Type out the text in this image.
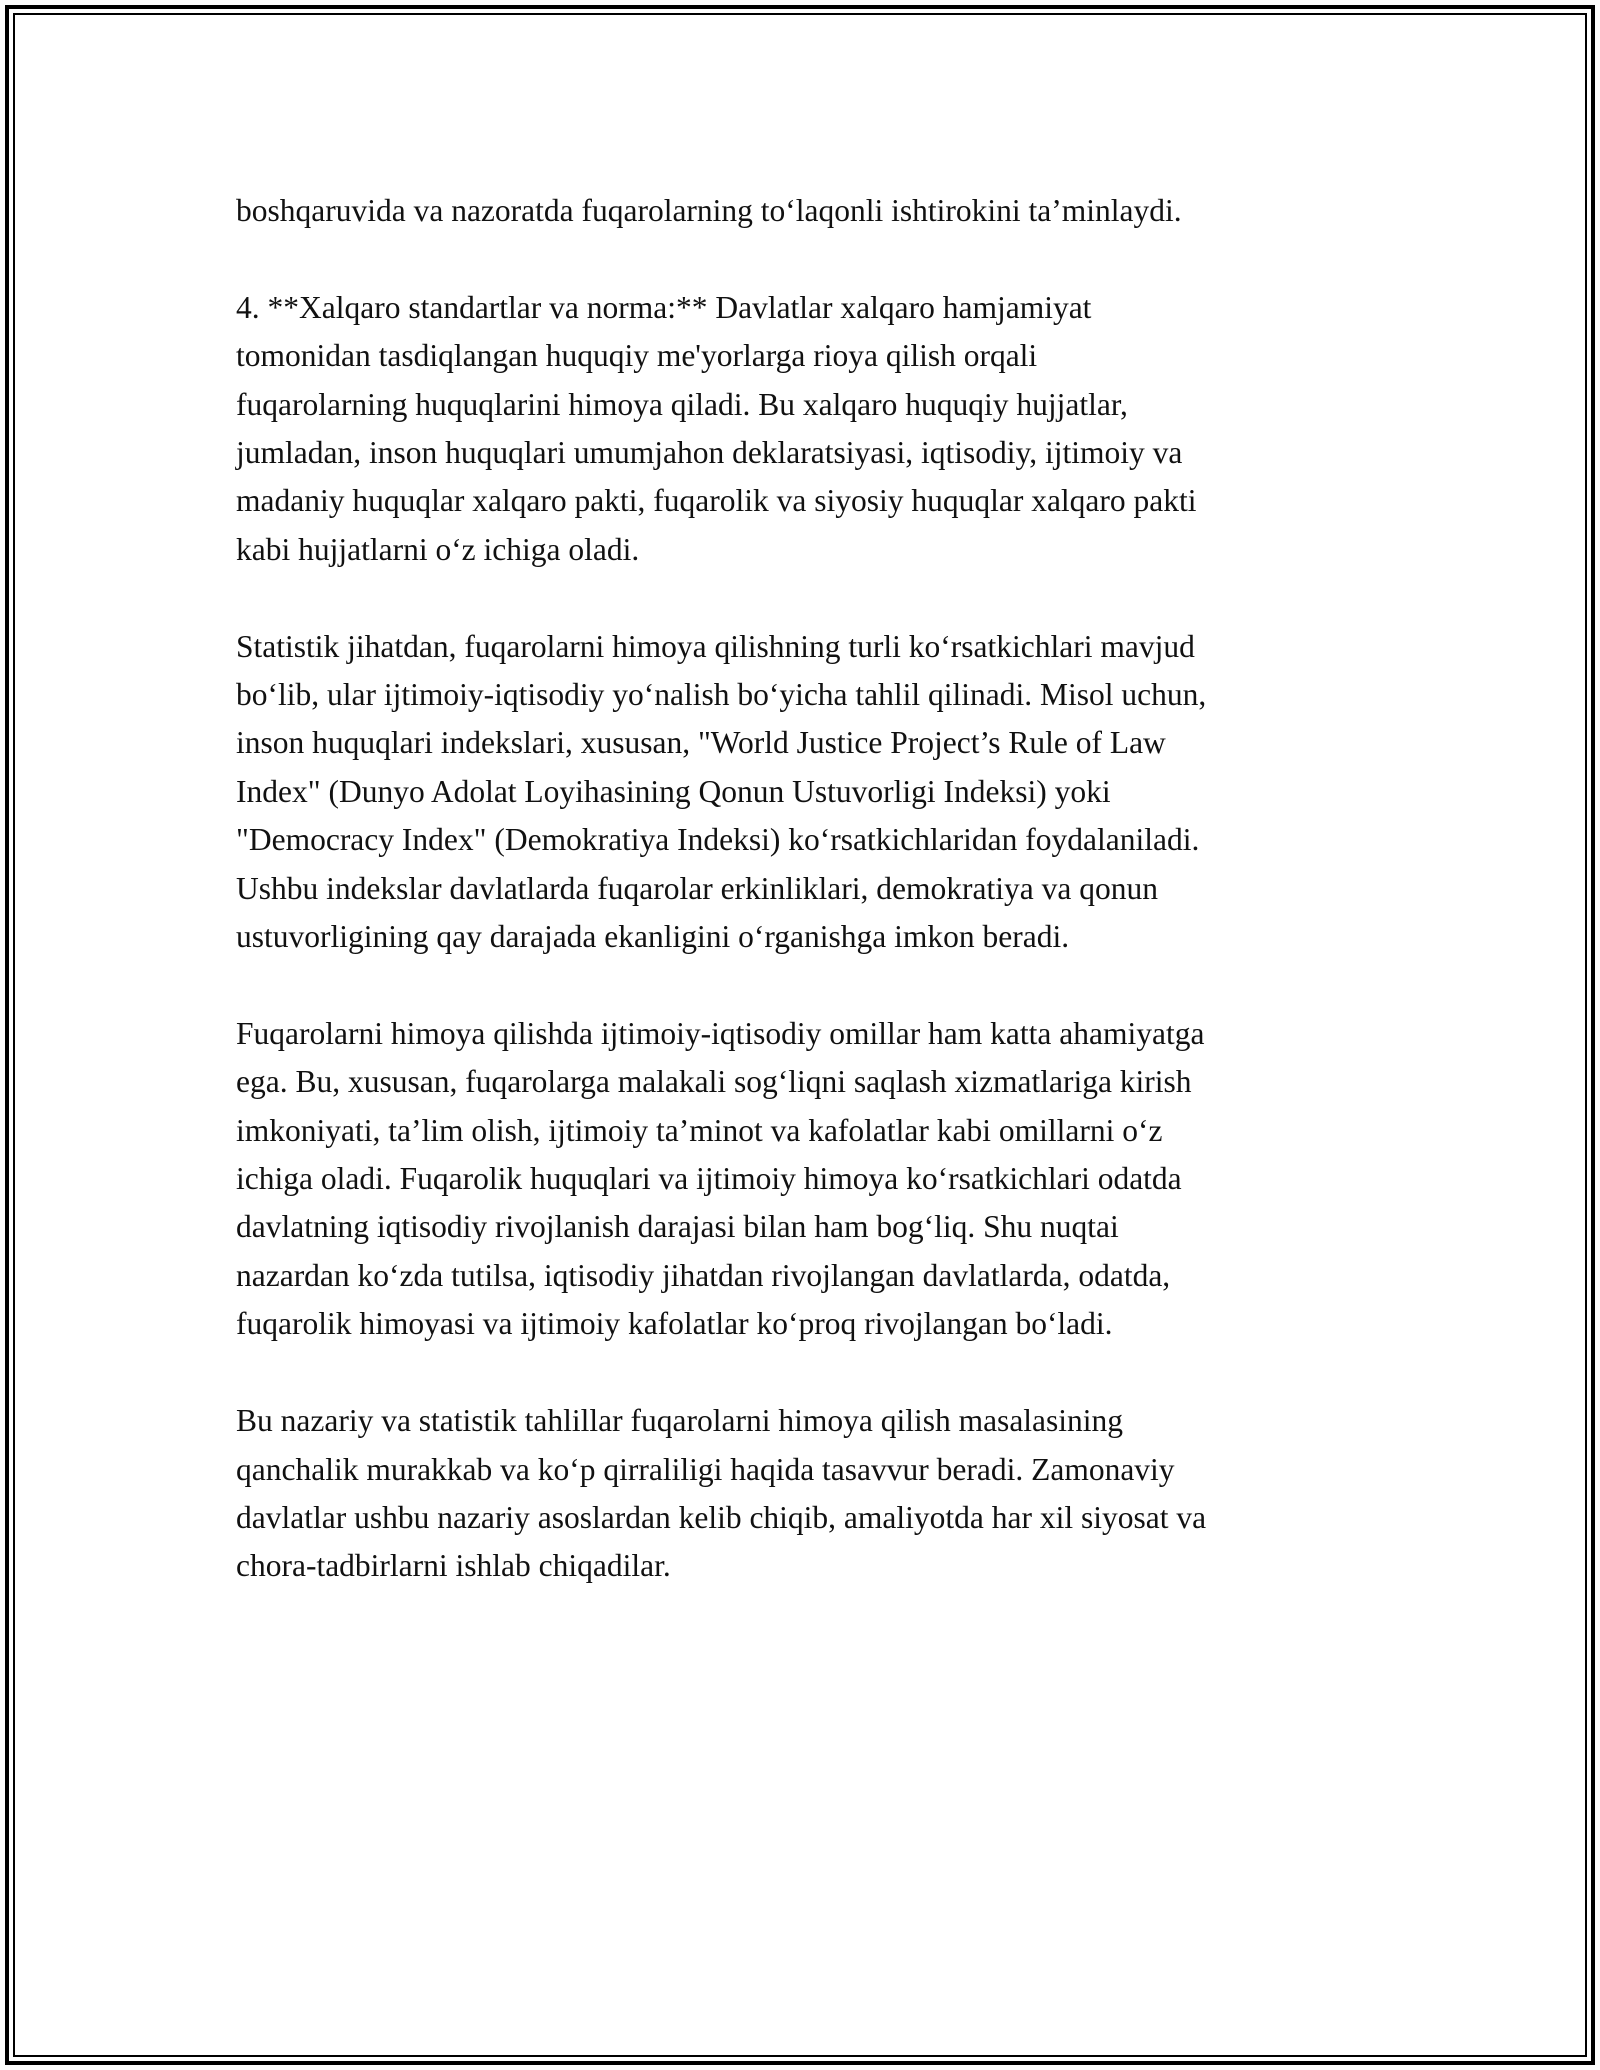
boshqaruvida va nazoratda fuqarolarning to‘laqonli ishtirokini ta’minlaydi.
4. **Xalqaro standartlar va norma:** Davlatlar xalqaro hamjamiyat
tomonidan tasdiqlangan huquqiy me'yorlarga rioya qilish orqali
fuqarolarning huquqlarini himoya qiladi. Bu xalqaro huquqiy hujjatlar,
jumladan, inson huquqlari umumjahon deklaratsiyasi, iqtisodiy, ijtimoiy va
madaniy huquqlar xalqaro pakti, fuqarolik va siyosiy huquqlar xalqaro pakti
kabi hujjatlarni o‘z ichiga oladi.
Statistik jihatdan, fuqarolarni himoya qilishning turli ko‘rsatkichlari mavjud
bo‘lib, ular ijtimoiy-iqtisodiy yo‘nalish bo‘yicha tahlil qilinadi. Misol uchun,
inson huquqlari indekslari, xususan, "World Justice Project’s Rule of Law
Index" (Dunyo Adolat Loyihasining Qonun Ustuvorligi Indeksi) yoki
"Democracy Index" (Demokratiya Indeksi) ko‘rsatkichlaridan foydalaniladi.
Ushbu indekslar davlatlarda fuqarolar erkinliklari, demokratiya va qonun
ustuvorligining qay darajada ekanligini o‘rganishga imkon beradi.
Fuqarolarni himoya qilishda ijtimoiy-iqtisodiy omillar ham katta ahamiyatga
ega. Bu, xususan, fuqarolarga malakali sog‘liqni saqlash xizmatlariga kirish
imkoniyati, ta’lim olish, ijtimoiy ta’minot va kafolatlar kabi omillarni o‘z
ichiga oladi. Fuqarolik huquqlari va ijtimoiy himoya ko‘rsatkichlari odatda
davlatning iqtisodiy rivojlanish darajasi bilan ham bog‘liq. Shu nuqtai
nazardan ko‘zda tutilsa, iqtisodiy jihatdan rivojlangan davlatlarda, odatda,
fuqarolik himoyasi va ijtimoiy kafolatlar ko‘proq rivojlangan bo‘ladi.
Bu nazariy va statistik tahlillar fuqarolarni himoya qilish masalasining
qanchalik murakkab va ko‘p qirraliligi haqida tasavvur beradi. Zamonaviy
davlatlar ushbu nazariy asoslardan kelib chiqib, amaliyotda har xil siyosat va
chora-tadbirlarni ishlab chiqadilar.
